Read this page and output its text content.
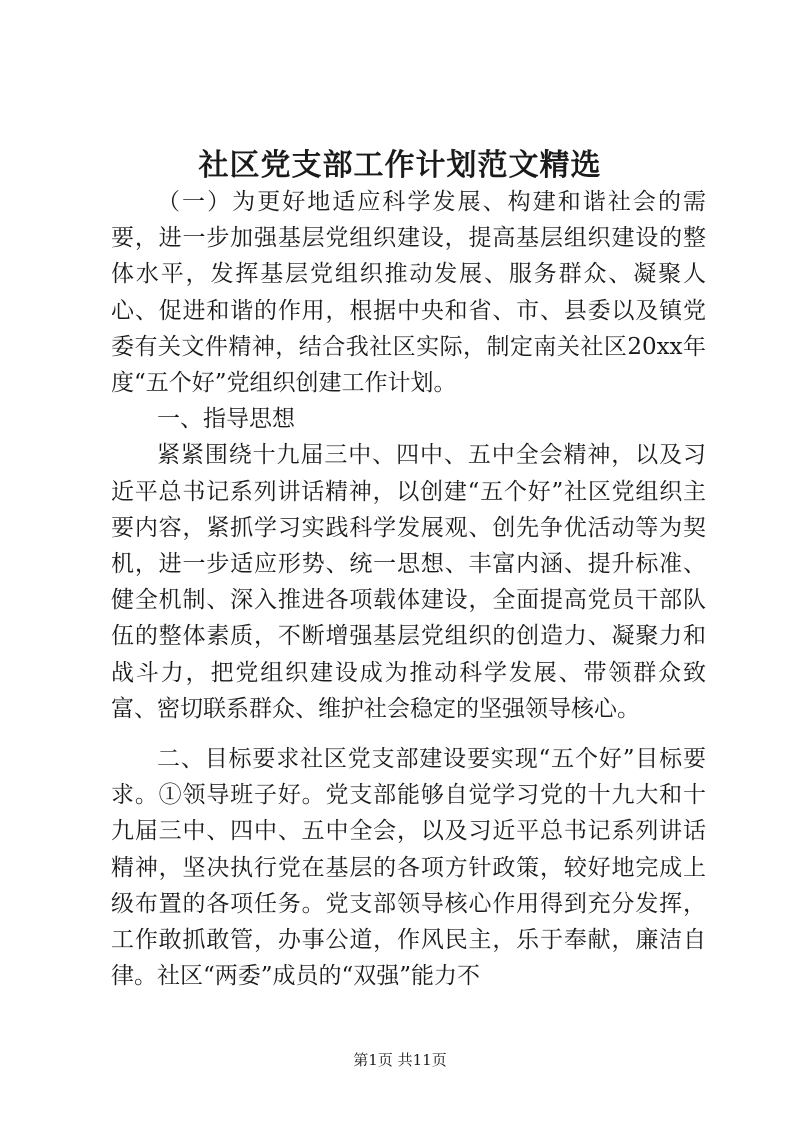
社区党支部工作计划范文精选

（一）为更好地适应科学发展、构建和谐社会的需要，进一步加强基层党组织建设，提高基层组织建设的整体水平，发挥基层党组织推动发展、服务群众、凝聚人心、促进和谐的作用，根据中央和省、市、县委以及镇党委有关文件精神，结合我社区实际，制定南关社区20xx年度“五个好”党组织创建工作计划。

一、指导思想

紧紧围绕十九届三中、四中、五中全会精神，以及习近平总书记系列讲话精神，以创建“五个好”社区党组织主要内容，紧抓学习实践科学发展观、创先争优活动等为契机，进一步适应形势、统一思想、丰富内涵、提升标准、健全机制、深入推进各项载体建设，全面提高党员干部队伍的整体素质，不断增强基层党组织的创造力、凝聚力和战斗力，把党组织建设成为推动科学发展、带领群众致富、密切联系群众、维护社会稳定的坚强领导核心。

二、目标要求社区党支部建设要实现“五个好”目标要求。①领导班子好。党支部能够自觉学习党的十九大和十九届三中、四中、五中全会，以及习近平总书记系列讲话精神，坚决执行党在基层的各项方针政策，较好地完成上级布置的各项任务。党支部领导核心作用得到充分发挥，工作敢抓敢管，办事公道，作风民主，乐于奉献，廉洁自律。社区“两委”成员的“双强”能力不

第1页 共11页
